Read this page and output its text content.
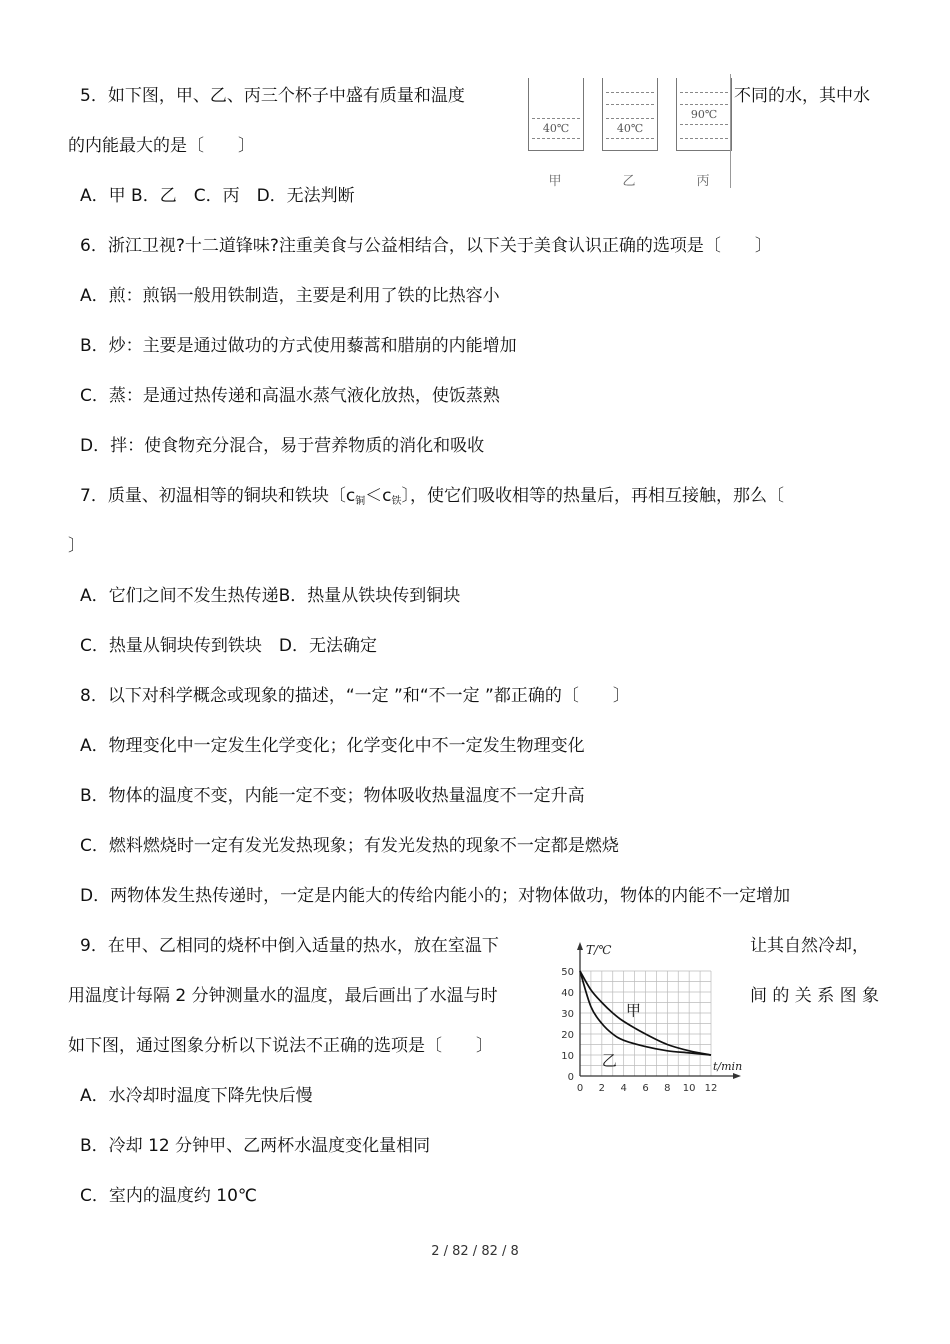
5．如下图，甲、乙、丙三个杯子中盛有质量和温度	不同的水，其中水
的内能最大的是〔　　〕
A．甲 B．乙　C．丙　D．无法判断
40℃	40℃
90℃
甲	乙	丙
6．浙江卫视?十二道锋味?注重美食与公益相结合，以下关于美食认识正确的选项是〔　　〕
A．煎：煎锅一般用铁制造，主要是利用了铁的比热容小
B．炒：主要是通过做功的方式使用藜蒿和腊崩的内能增加
C．蒸：是通过热传递和高温水蒸气液化放热，使饭蒸熟
D．拌：使食物充分混合，易于营养物质的消化和吸收
7．质量、初温相等的铜块和铁块〔$c_铜<c_铁$〕，使它们吸收相等的热量后，再相互接触，那么〔
〕
A．它们之间不发生热传递B．热量从铁块传到铜块
C．热量从铜块传到铁块　D．无法确定
8．以下对科学概念或现象的描述，“一定 ”和“不一定 ”都正确的〔　　〕
A．物理变化中一定发生化学变化；化学变化中不一定发生物理变化
B．物体的温度不变，内能一定不变；物体吸收热量温度不一定升高
C．燃料燃烧时一定有发光发热现象；有发光发热的现象不一定都是燃烧
D．两物体发生热传递时，一定是内能大的传给内能小的；对物体做功，物体的内能不一定增加
9．在甲、乙相同的烧杯中倒入适量的热水，放在室温下	让其自然冷却，
用温度计每隔 2 分钟测量水的温度，最后画出了水温与时	间 的 关 系 图 象
如下图，通过图象分析以下说法不正确的选项是〔　　〕
A．水冷却时温度下降先快后慢
B．冷却 12 分钟甲、乙两杯水温度变化量相同
C．室内的温度约 10℃
0 2 4 6 8 10 12
0
10
20
30
40
50
T/℃
t/min
甲
乙
2 / 82 / 82 / 8
